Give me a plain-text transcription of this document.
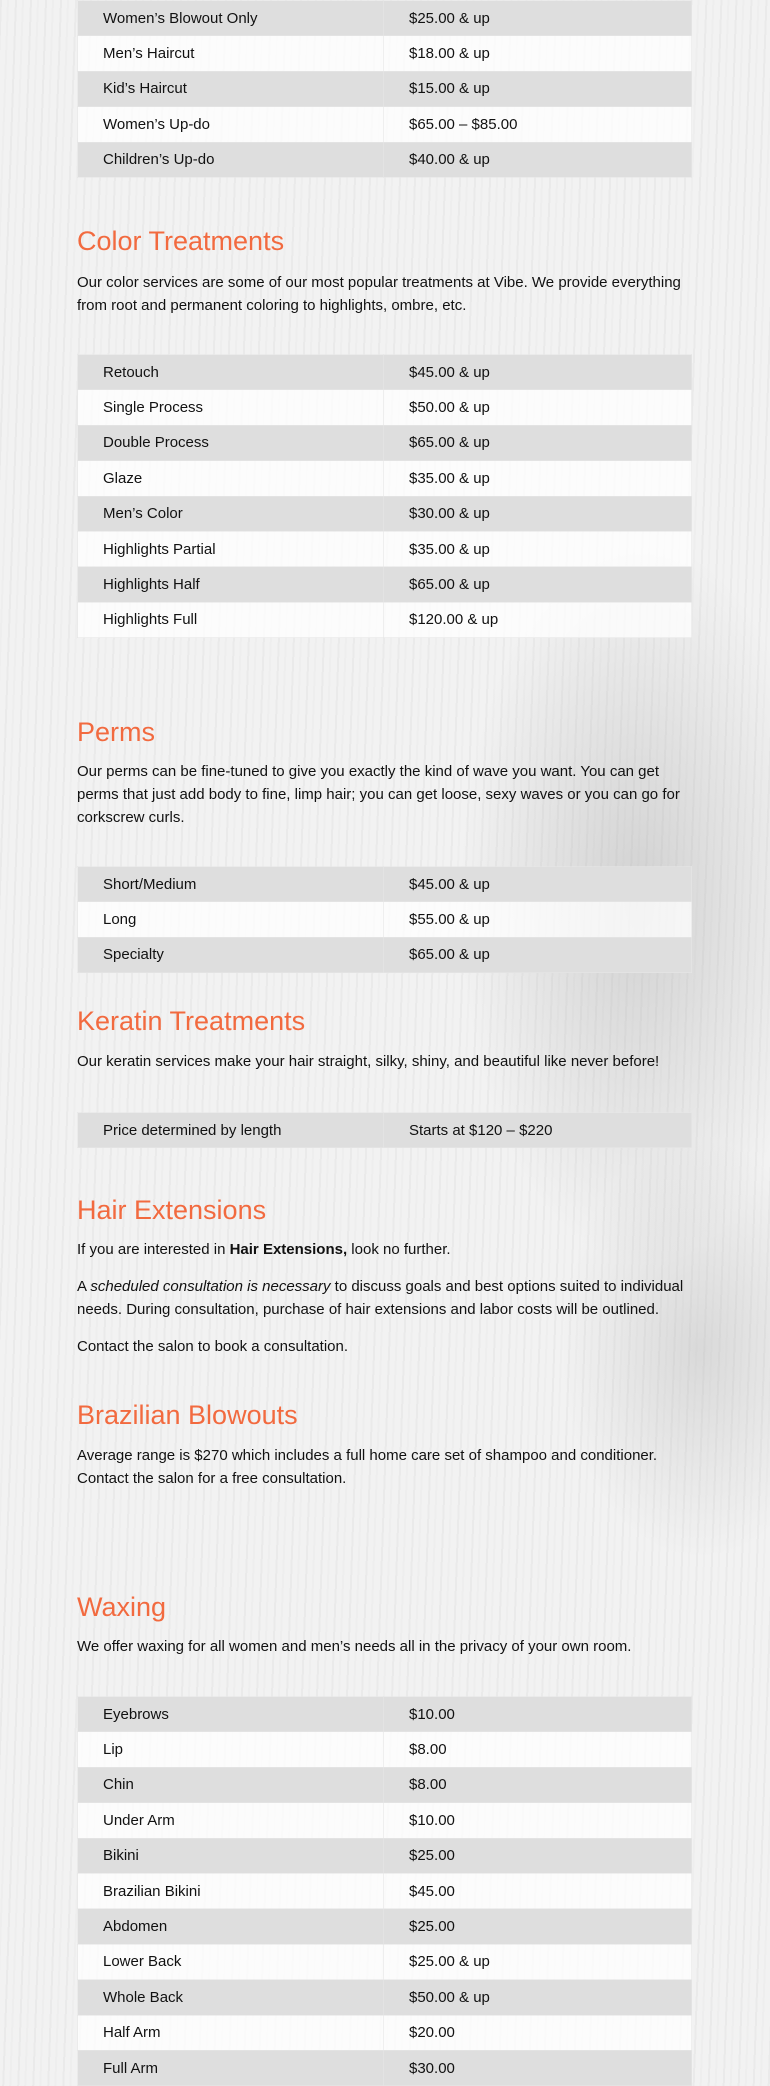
Women’s Blowout Only	$25.00 & up
Men’s Haircut	$18.00 & up
Kid’s Haircut	$15.00 & up
Women’s Up-do	$65.00 – $85.00
Children’s Up-do	$40.00 & up
Color Treatments

Our color services are some of our most popular treatments at Vibe. We provide everything from root and permanent coloring to highlights, ombre, etc.

Retouch	$45.00 & up
Single Process	$50.00 & up
Double Process	$65.00 & up
Glaze	$35.00 & up
Men’s Color	$30.00 & up
Highlights Partial	$35.00 & up
Highlights Half	$65.00 & up
Highlights Full	$120.00 & up
Perms

Our perms can be fine-tuned to give you exactly the kind of wave you want. You can get perms that just add body to fine, limp hair; you can get loose, sexy waves or you can go for corkscrew curls.

Short/Medium	$45.00 & up
Long	$55.00 & up
Specialty	$65.00 & up
Keratin Treatments

Our keratin services make your hair straight, silky, shiny, and beautiful like never before!

Price determined by length	Starts at $120 – $220
Hair Extensions

If you are interested in Hair Extensions, look no further.

A scheduled consultation is necessary to discuss goals and best options suited to individual needs. During consultation, purchase of hair extensions and labor costs will be outlined.

Contact the salon to book a consultation.

Brazilian Blowouts

Average range is $270 which includes a full home care set of shampoo and conditioner. Contact the salon for a free consultation.

Waxing

We offer waxing for all women and men’s needs all in the privacy of your own room.

Eyebrows	$10.00
Lip	$8.00
Chin	$8.00
Under Arm	$10.00
Bikini	$25.00
Brazilian Bikini	$45.00
Abdomen	$25.00
Lower Back	$25.00 & up
Whole Back	$50.00 & up
Half Arm	$20.00
Full Arm	$30.00
